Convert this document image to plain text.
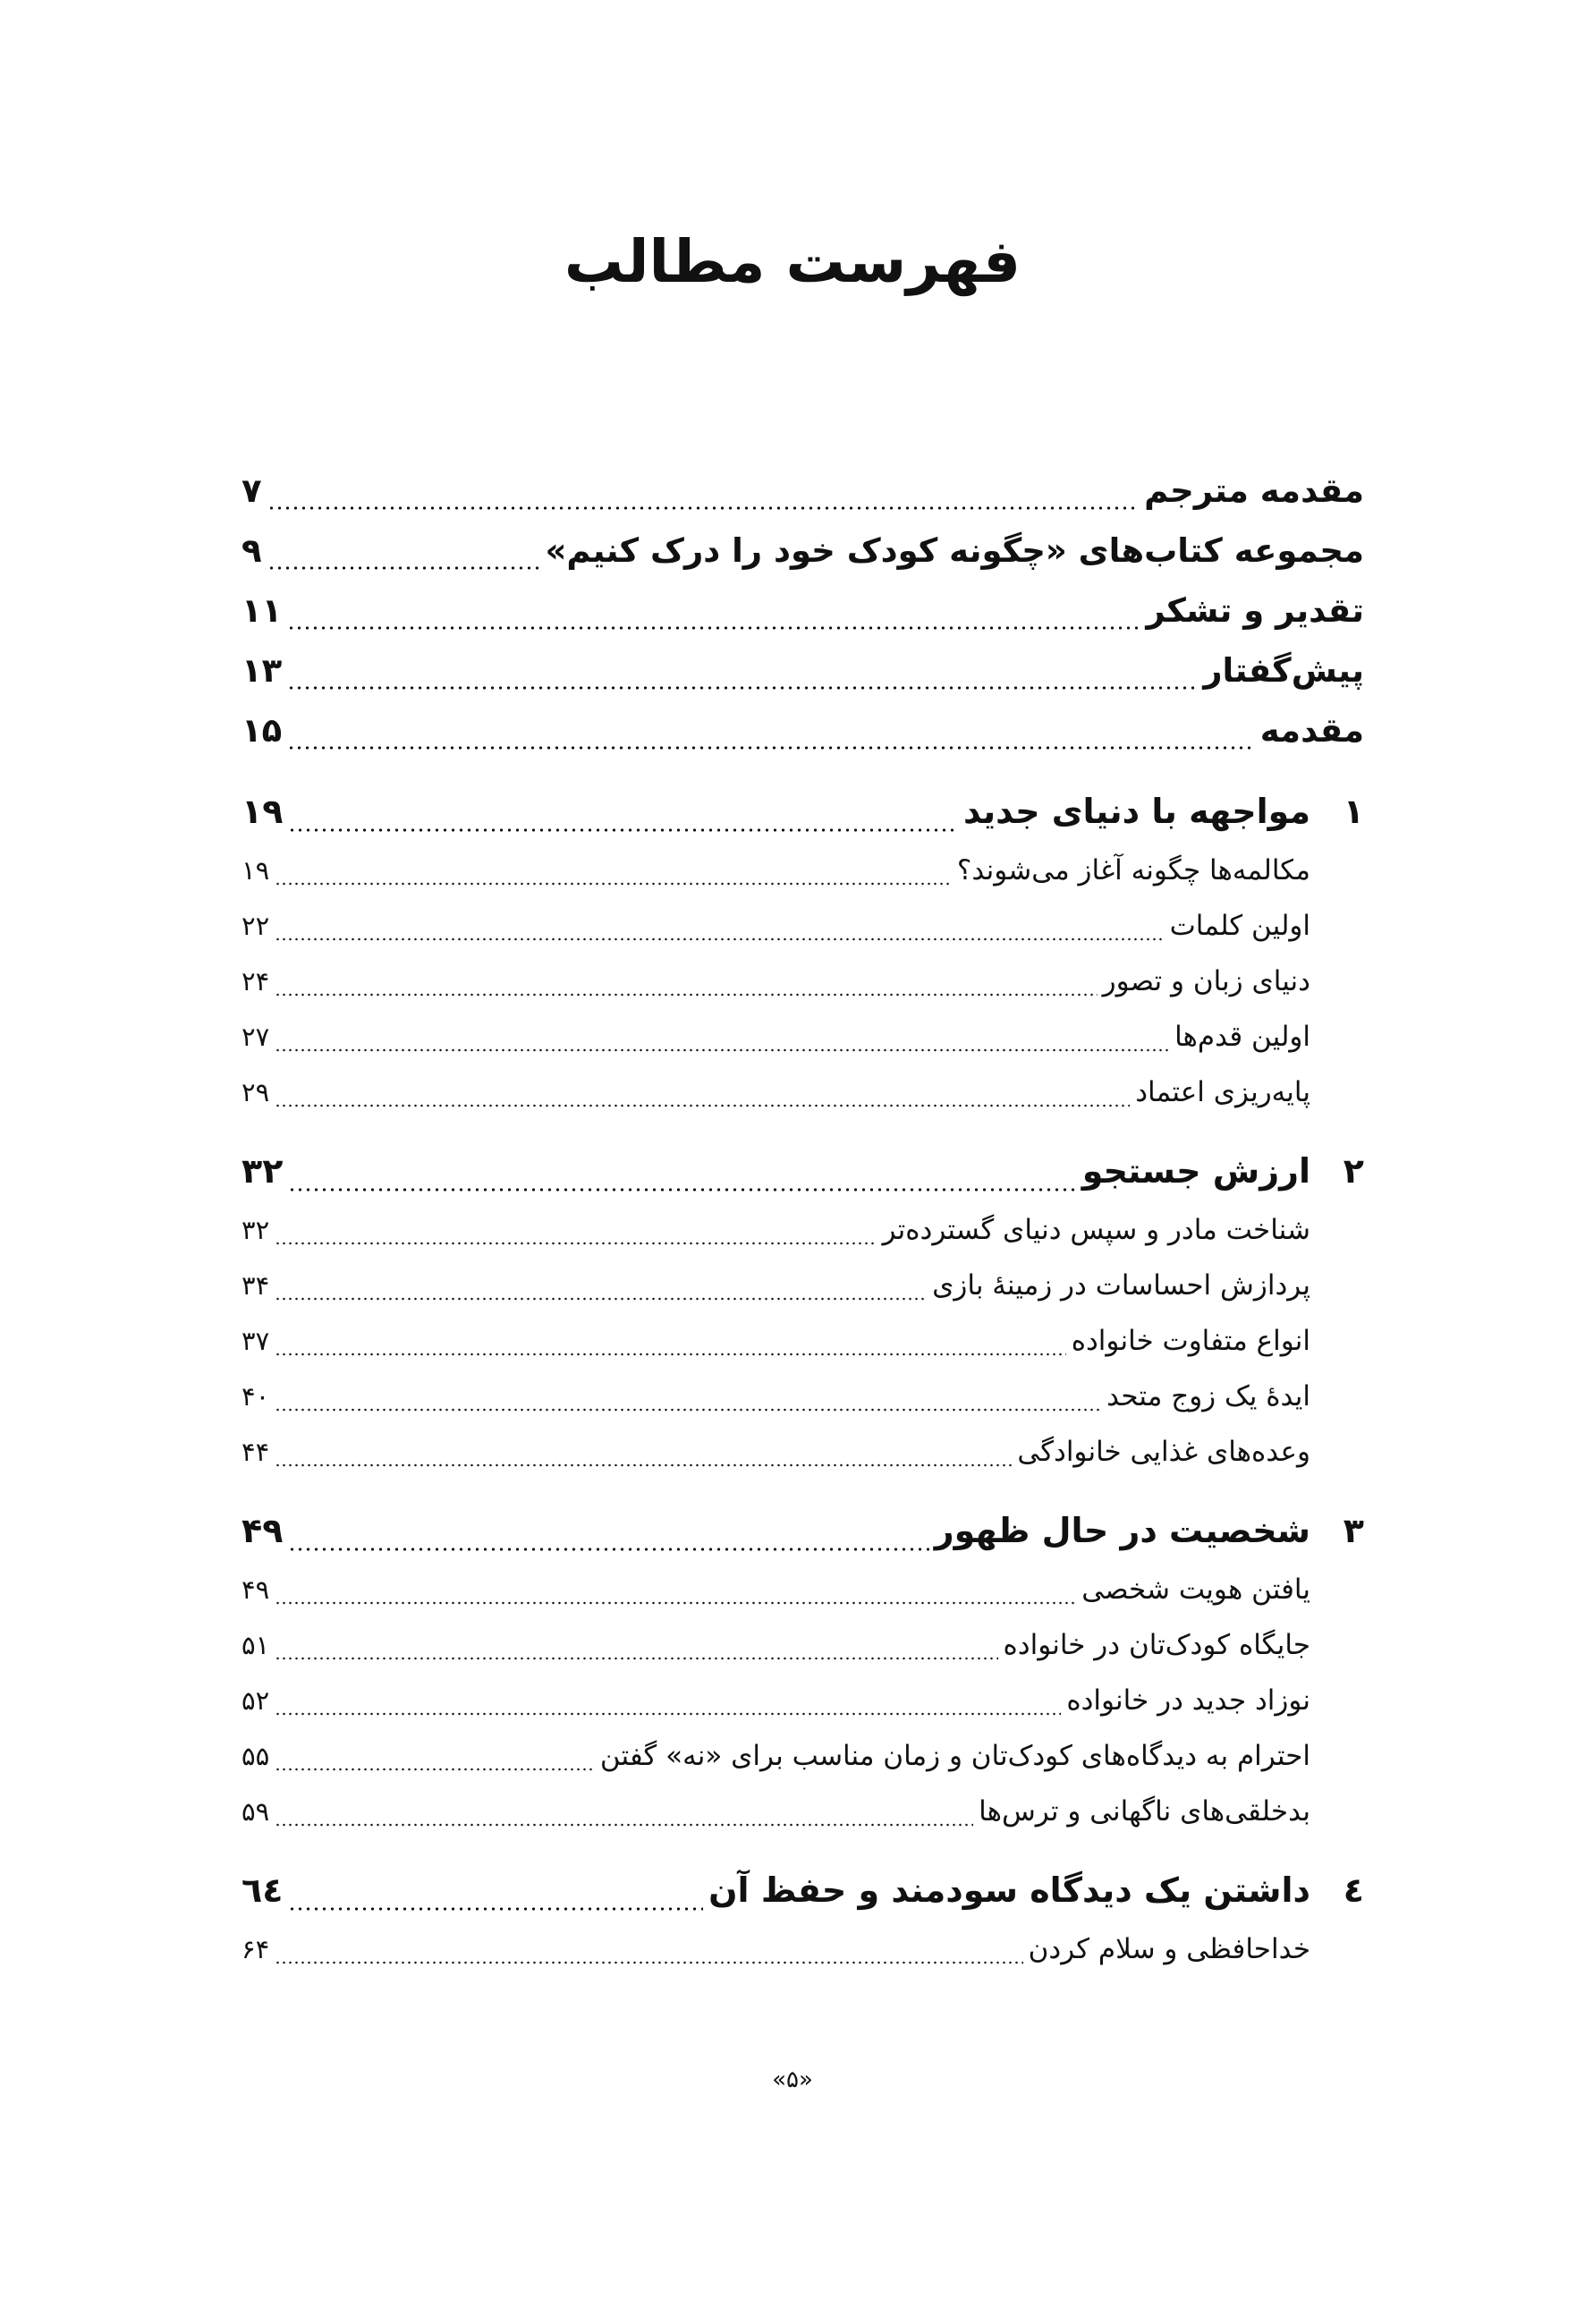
فهرست مطالب
مقدمه مترجم
۷
مجموعه کتاب‌های «چگونه کودک خود را درک کنیم»
۹
تقدیر و تشکر
۱۱
پیش‌گفتار
۱۳
مقدمه
۱۵
۱
مواجهه با دنیای جدید
۱۹
مکالمه‌ها چگونه آغاز می‌شوند؟
۱۹
اولین کلمات
۲۲
دنیای زبان و تصور
۲۴
اولین قدم‌ها
۲۷
پایه‌ریزی اعتماد
۲۹
۲
ارزش جستجو
۳۲
شناخت مادر و سپس دنیای گسترده‌تر
۳۲
پردازش احساسات در زمینهٔ بازی
۳۴
انواع متفاوت خانواده
۳۷
ایدهٔ یک زوج متحد
۴۰
وعده‌های غذایی خانوادگی
۴۴
۳
شخصیت در حال ظهور
۴۹
یافتن هویت شخصی
۴۹
جایگاه کودک‌تان در خانواده
۵۱
نوزاد جدید در خانواده
۵۲
احترام به دیدگاه‌های کودک‌تان و زمان مناسب برای «نه» گفتن
۵۵
بدخلقی‌های ناگهانی و ترس‌ها
۵۹
٤
داشتن یک دیدگاه سودمند و حفظ آن
٦٤
خداحافظی و سلام کردن
۶۴
«۵»
